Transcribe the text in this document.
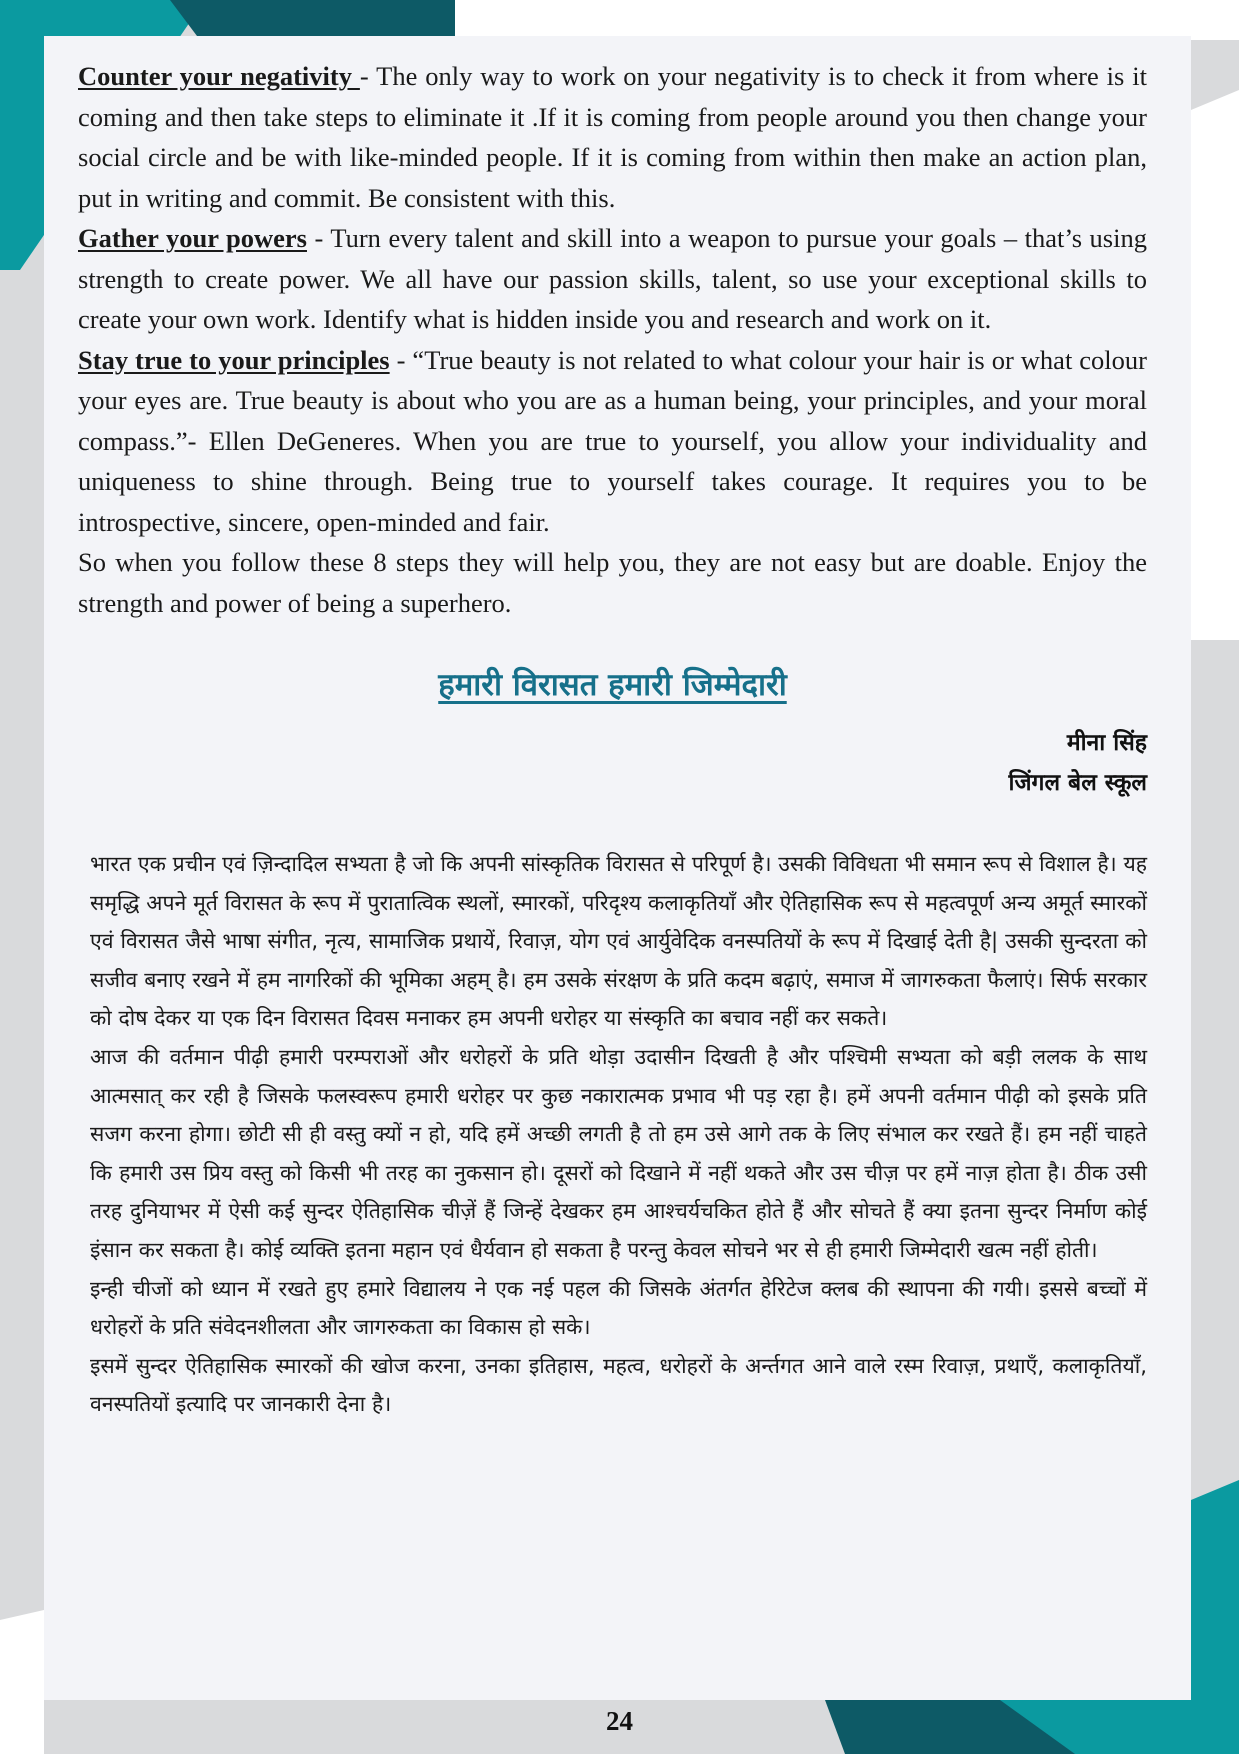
Counter your negativity - The only way to work on your negativity is to check it from where is it coming and then take steps to eliminate it .If it is coming from people around you then change your social circle and be with like-minded people. If it is coming from within then make an action plan, put in writing and commit. Be consistent with this.

Gather your powers - Turn every talent and skill into a weapon to pursue your goals – that’s using strength to create power. We all have our passion skills, talent, so use your exceptional skills to create your own work. Identify what is hidden inside you and research and work on it.

Stay true to your principles - “True beauty is not related to what colour your hair is or what colour your eyes are. True beauty is about who you are as a human being, your principles, and your moral compass.”- Ellen DeGeneres. When you are true to yourself, you allow your individuality and uniqueness to shine through. Being true to yourself takes courage. It requires you to be introspective, sincere, open-minded and fair.

So when you follow these 8 steps they will help you, they are not easy but are doable. Enjoy the strength and power of being a superhero.

हमारी विरासत हमारी जिम्मेदारी
मीना सिंह
जिंगल बेल स्कूल

भारत एक प्रचीन एवं ज़िन्दादिल सभ्यता है जो कि अपनी सांस्कृतिक विरासत से परिपूर्ण है। उसकी विविधता भी समान रूप से विशाल है। यह समृद्धि अपने मूर्त विरासत के रूप में पुरातात्विक स्थलों, स्मारकों, परिदृश्य कलाकृतियाँ और ऐतिहासिक रूप से महत्वपूर्ण अन्य अमूर्त स्मारकों एवं विरासत जैसे भाषा संगीत, नृत्य, सामाजिक प्रथायें, रिवाज़, योग एवं आर्युवेदिक वनस्पतियों के रूप में दिखाई देती है| उसकी सुन्दरता को सजीव बनाए रखने में हम नागरिकों की भूमिका अहम् है। हम उसके संरक्षण के प्रति कदम बढ़ाएं, समाज में जागरुकता फैलाएं। सिर्फ सरकार को दोष देकर या एक दिन विरासत दिवस मनाकर हम अपनी धरोहर या संस्कृति का बचाव नहीं कर सकते।

आज की वर्तमान पीढ़ी हमारी परम्पराओं और धरोहरों के प्रति थोड़ा उदासीन दिखती है और पश्चिमी सभ्यता को बड़ी ललक के साथ आत्मसात् कर रही है जिसके फलस्वरूप हमारी धरोहर पर कुछ नकारात्मक प्रभाव भी पड़ रहा है। हमें अपनी वर्तमान पीढ़ी को इसके प्रति सजग करना होगा। छोटी सी ही वस्तु क्यों न हो, यदि हमें अच्छी लगती है तो हम उसे आगे तक के लिए संभाल कर रखते हैं। हम नहीं चाहते कि हमारी उस प्रिय वस्तु को किसी भी तरह का नुकसान हो। दूसरों को दिखाने में नहीं थकते और उस चीज़ पर हमें नाज़ होता है। ठीक उसी तरह दुनियाभर में ऐसी कई सुन्दर ऐतिहासिक चीज़ें हैं जिन्हें देखकर हम आश्चर्यचकित होते हैं और सोचते हैं क्या इतना सुन्दर निर्माण कोई इंसान कर सकता है। कोई व्यक्ति इतना महान एवं धैर्यवान हो सकता है परन्तु केवल सोचने भर से ही हमारी जिम्मेदारी खत्म नहीं होती।

इन्ही चीजों को ध्यान में रखते हुए हमारे विद्यालय ने एक नई पहल की जिसके अंतर्गत हेरिटेज क्लब की स्थापना की गयी। इससे बच्चों में धरोहरों के प्रति संवेदनशीलता और जागरुकता का विकास हो सके।

इसमें सुन्दर ऐतिहासिक स्मारकों की खोज करना, उनका इतिहास, महत्व, धरोहरों के अर्न्तगत आने वाले रस्म रिवाज़, प्रथाएँ, कलाकृतियाँ, वनस्पतियों इत्यादि पर जानकारी देना है।

24
